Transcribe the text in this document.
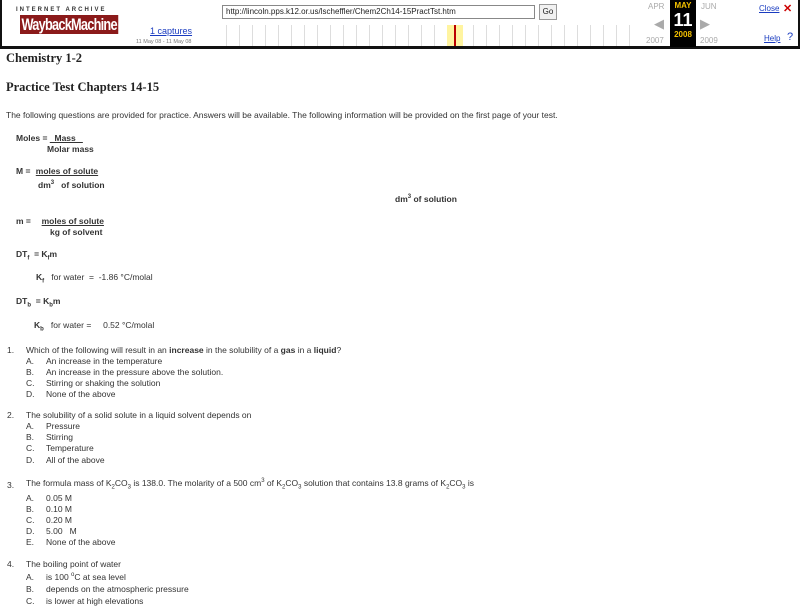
INTERNET ARCHIVE
WaybackMachine	1 captures
11 May 08 - 11 May 08
http://lincoln.pps.k12.or.us/lscheffler/Chem2Ch14-15PractTst.htm	Go
APR	JUN
◀	▶
2007	2009
MAY
11
2008
Close ✕
Help ?
Chemistry 1-2
Practice Test Chapters 14-15
The following questions are provided for practice. Answers will be available. The following information will be provided on the first page of your test.
Moles =   Mass
Molar mass
M = moles of solute
$dm^3$   of solution
$dm^3$ of solution
m =  moles of solute
kg of solvent
$DT_f = K_fm$
$K_f$   for water  =  -1.86 °C/molal
$DT_b = K_bm$
$K_b$   for water =     0.52 °C/molal
1. Which of the following will result in an increase in the solubility of a gas in a liquid?
2. The solubility of a solid solute in a liquid solvent depends on
3. The formula mass of $K_2CO_3$ is 138.0. The molarity of a 500 $cm^3$ of $K_2CO_3$ solution that contains 13.8 grams of $K_2CO_3$ is
4. The boiling point of water
A. An increase in the temperature
B. An increase in the pressure above the solution.
C. Stirring or shaking the solution
D. None of the above
A. Pressure
B. Stirring
C. Temperature
D. All of the above
A. 0.05 M
B. 0.10 M
C. 0.20 M
D. 5.00   M
E. None of the above
A. is 100 $^o$C at sea level
B. depends on the atmospheric pressure
C. is lower at high elevations
